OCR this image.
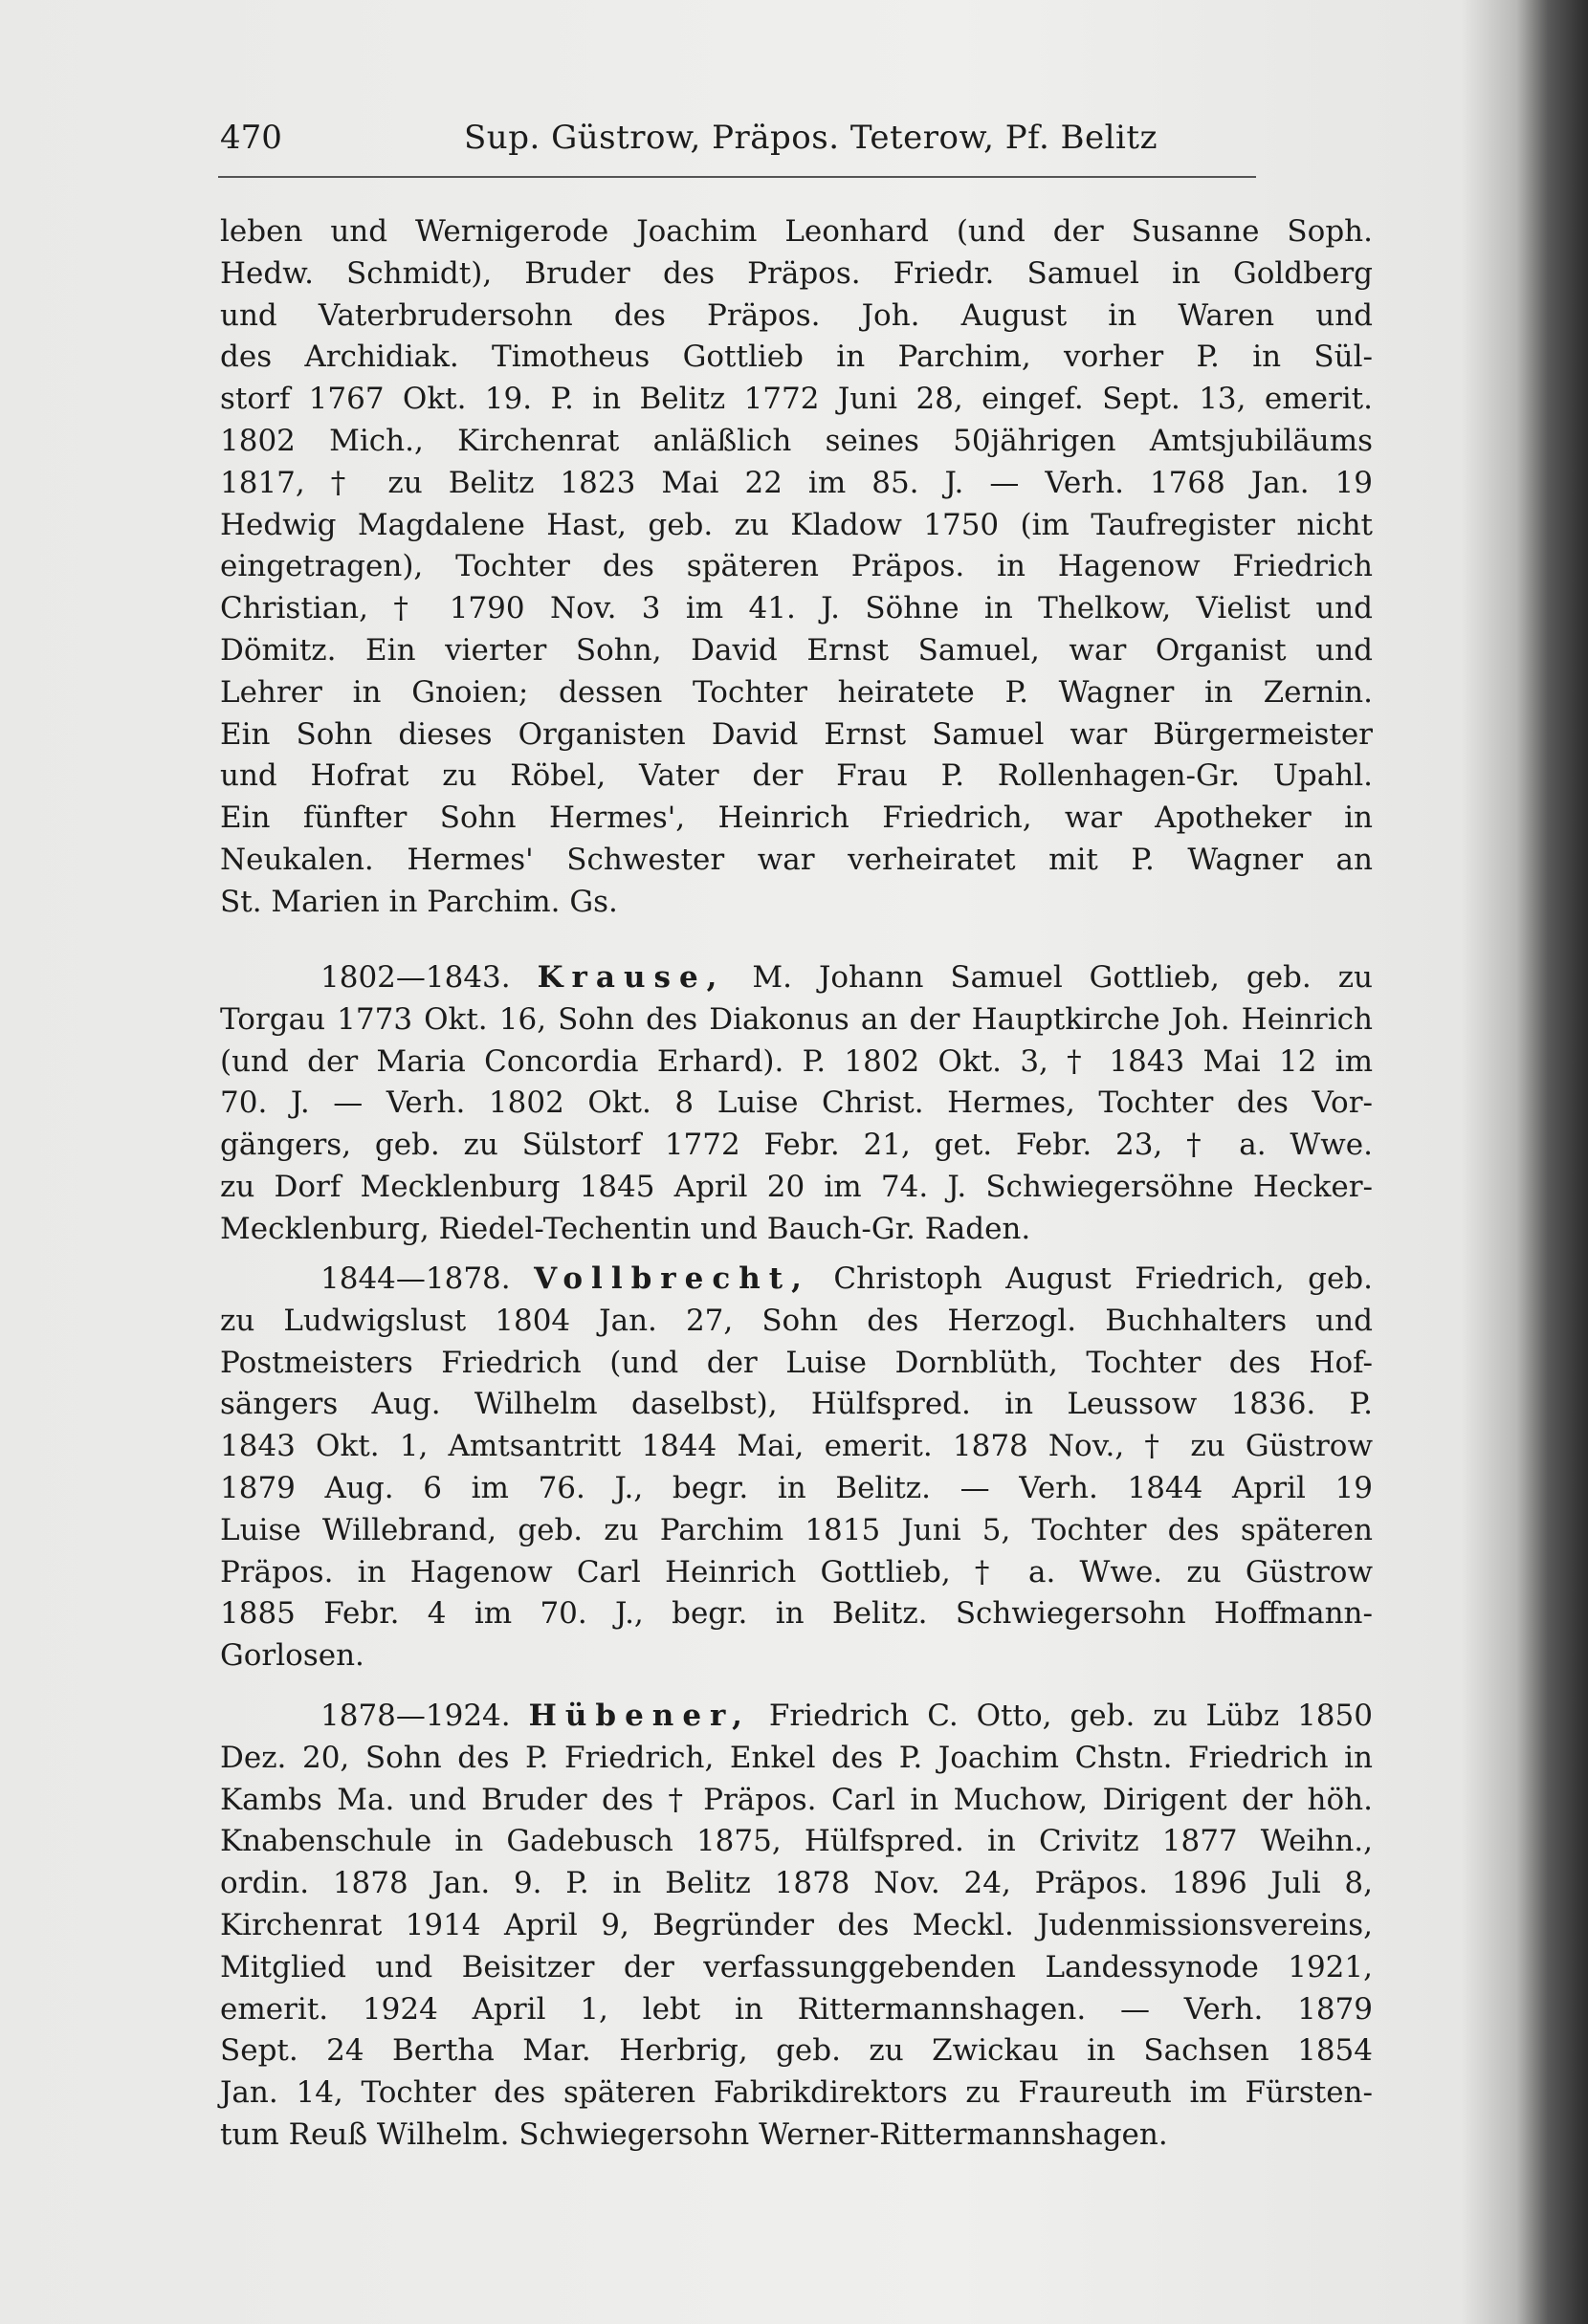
470	Sup. Güstrow, Präpos. Teterow, Pf. Belitz
leben und Wernigerode Joachim Leonhard (und der Susanne Soph.
Hedw. Schmidt), Bruder des Präpos. Friedr. Samuel in Goldberg
und Vaterbrudersohn des Präpos. Joh. August in Waren und
des Archidiak. Timotheus Gottlieb in Parchim, vorher P. in Sül-
storf 1767 Okt. 19. P. in Belitz 1772 Juni 28, eingef. Sept. 13, emerit.
1802 Mich., Kirchenrat anläßlich seines 50jährigen Amtsjubiläums
1817, † zu Belitz 1823 Mai 22 im 85. J. — Verh. 1768 Jan. 19
Hedwig Magdalene Hast, geb. zu Kladow 1750 (im Taufregister nicht
eingetragen), Tochter des späteren Präpos. in Hagenow Friedrich
Christian, † 1790 Nov. 3 im 41. J. Söhne in Thelkow, Vielist und
Dömitz. Ein vierter Sohn, David Ernst Samuel, war Organist und
Lehrer in Gnoien; dessen Tochter heiratete P. Wagner in Zernin.
Ein Sohn dieses Organisten David Ernst Samuel war Bürgermeister
und Hofrat zu Röbel, Vater der Frau P. Rollenhagen-Gr. Upahl.
Ein fünfter Sohn Hermes', Heinrich Friedrich, war Apotheker in
Neukalen. Hermes' Schwester war verheiratet mit P. Wagner an
St. Marien in Parchim. Gs.
1802—1843. Krause, M. Johann Samuel Gottlieb, geb. zu
Torgau 1773 Okt. 16, Sohn des Diakonus an der Hauptkirche Joh. Heinrich
(und der Maria Concordia Erhard). P. 1802 Okt. 3, † 1843 Mai 12 im
70. J. — Verh. 1802 Okt. 8 Luise Christ. Hermes, Tochter des Vor-
gängers, geb. zu Sülstorf 1772 Febr. 21, get. Febr. 23, † a. Wwe.
zu Dorf Mecklenburg 1845 April 20 im 74. J. Schwiegersöhne Hecker-
Mecklenburg, Riedel-Techentin und Bauch-Gr. Raden.
1844—1878. Vollbrecht, Christoph August Friedrich, geb.
zu Ludwigslust 1804 Jan. 27, Sohn des Herzogl. Buchhalters und
Postmeisters Friedrich (und der Luise Dornblüth, Tochter des Hof-
sängers Aug. Wilhelm daselbst), Hülfspred. in Leussow 1836. P.
1843 Okt. 1, Amtsantritt 1844 Mai, emerit. 1878 Nov., † zu Güstrow
1879 Aug. 6 im 76. J., begr. in Belitz. — Verh. 1844 April 19
Luise Willebrand, geb. zu Parchim 1815 Juni 5, Tochter des späteren
Präpos. in Hagenow Carl Heinrich Gottlieb, † a. Wwe. zu Güstrow
1885 Febr. 4 im 70. J., begr. in Belitz. Schwiegersohn Hoffmann-
Gorlosen.
1878—1924. Hübener, Friedrich C. Otto, geb. zu Lübz 1850
Dez. 20, Sohn des P. Friedrich, Enkel des P. Joachim Chstn. Friedrich in
Kambs Ma. und Bruder des † Präpos. Carl in Muchow, Dirigent der höh.
Knabenschule in Gadebusch 1875, Hülfspred. in Crivitz 1877 Weihn.,
ordin. 1878 Jan. 9. P. in Belitz 1878 Nov. 24, Präpos. 1896 Juli 8,
Kirchenrat 1914 April 9, Begründer des Meckl. Judenmissionsvereins,
Mitglied und Beisitzer der verfassunggebenden Landessynode 1921,
emerit. 1924 April 1, lebt in Rittermannshagen. — Verh. 1879
Sept. 24 Bertha Mar. Herbrig, geb. zu Zwickau in Sachsen 1854
Jan. 14, Tochter des späteren Fabrikdirektors zu Fraureuth im Fürsten-
tum Reuß Wilhelm. Schwiegersohn Werner-Rittermannshagen.
